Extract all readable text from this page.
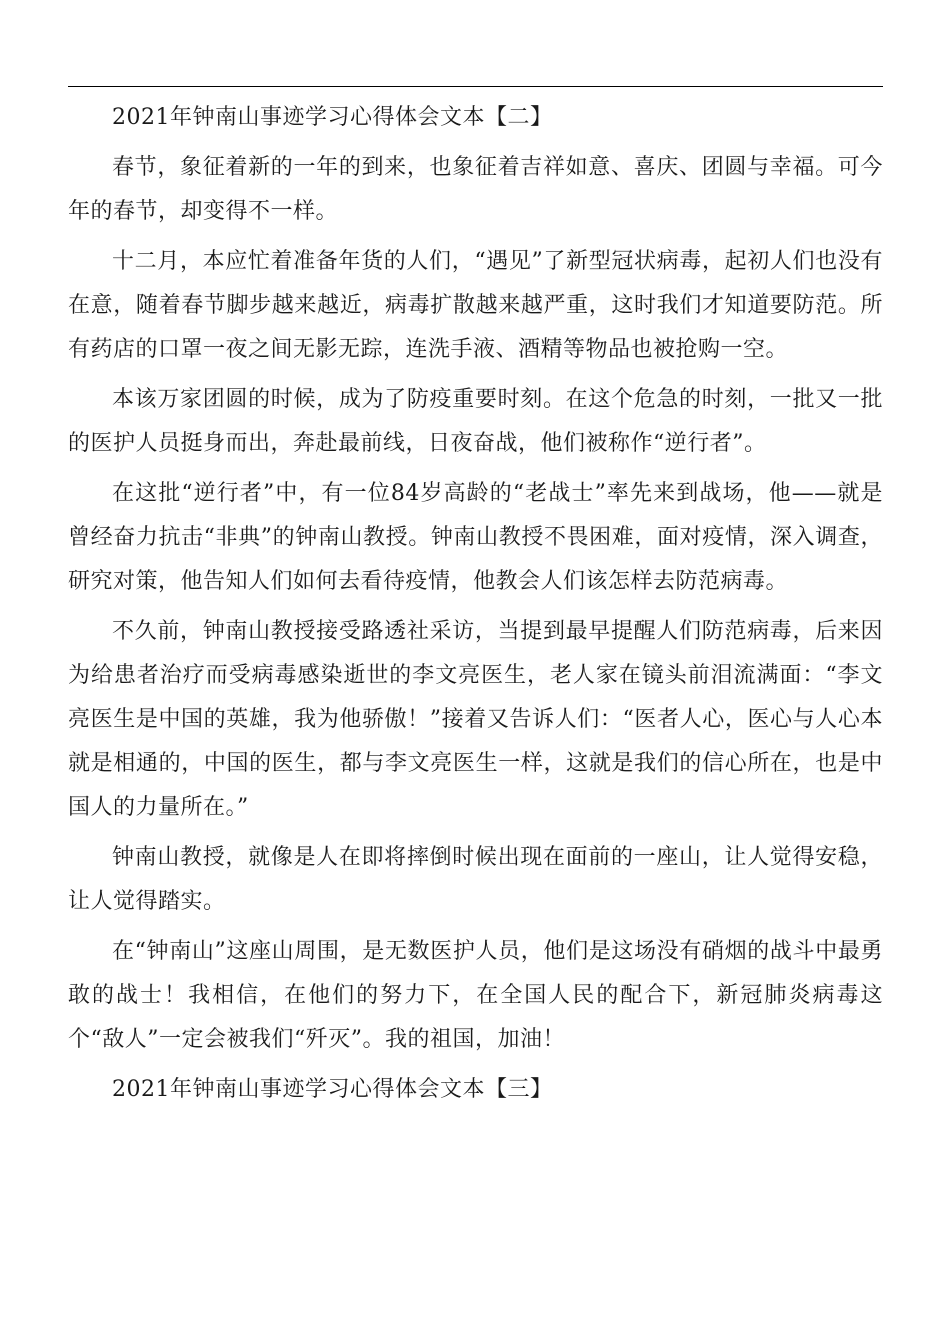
2021年钟南山事迹学习心得体会文本【二】

春节，象征着新的一年的到来，也象征着吉祥如意、喜庆、团圆与幸福。可今年的春节，却变得不一样。

十二月，本应忙着准备年货的人们，“遇见”了新型冠状病毒，起初人们也没有在意，随着春节脚步越来越近，病毒扩散越来越严重，这时我们才知道要防范。所有药店的口罩一夜之间无影无踪，连洗手液、酒精等物品也被抢购一空。

本该万家团圆的时候，成为了防疫重要时刻。在这个危急的时刻，一批又一批的医护人员挺身而出，奔赴最前线，日夜奋战，他们被称作“逆行者”。

在这批“逆行者”中，有一位84岁高龄的“老战士”率先来到战场，他——就是曾经奋力抗击“非典”的钟南山教授。钟南山教授不畏困难，面对疫情，深入调查，研究对策，他告知人们如何去看待疫情，他教会人们该怎样去防范病毒。

不久前，钟南山教授接受路透社采访，当提到最早提醒人们防范病毒，后来因为给患者治疗而受病毒感染逝世的李文亮医生，老人家在镜头前泪流满面：“李文亮医生是中国的英雄，我为他骄傲！”接着又告诉人们：“医者人心，医心与人心本就是相通的，中国的医生，都与李文亮医生一样，这就是我们的信心所在，也是中国人的力量所在。”

钟南山教授，就像是人在即将摔倒时候出现在面前的一座山，让人觉得安稳，让人觉得踏实。

在“钟南山”这座山周围，是无数医护人员，他们是这场没有硝烟的战斗中最勇敢的战士！我相信，在他们的努力下，在全国人民的配合下，新冠肺炎病毒这个“敌人”一定会被我们“歼灭”。我的祖国，加油！

2021年钟南山事迹学习心得体会文本【三】
